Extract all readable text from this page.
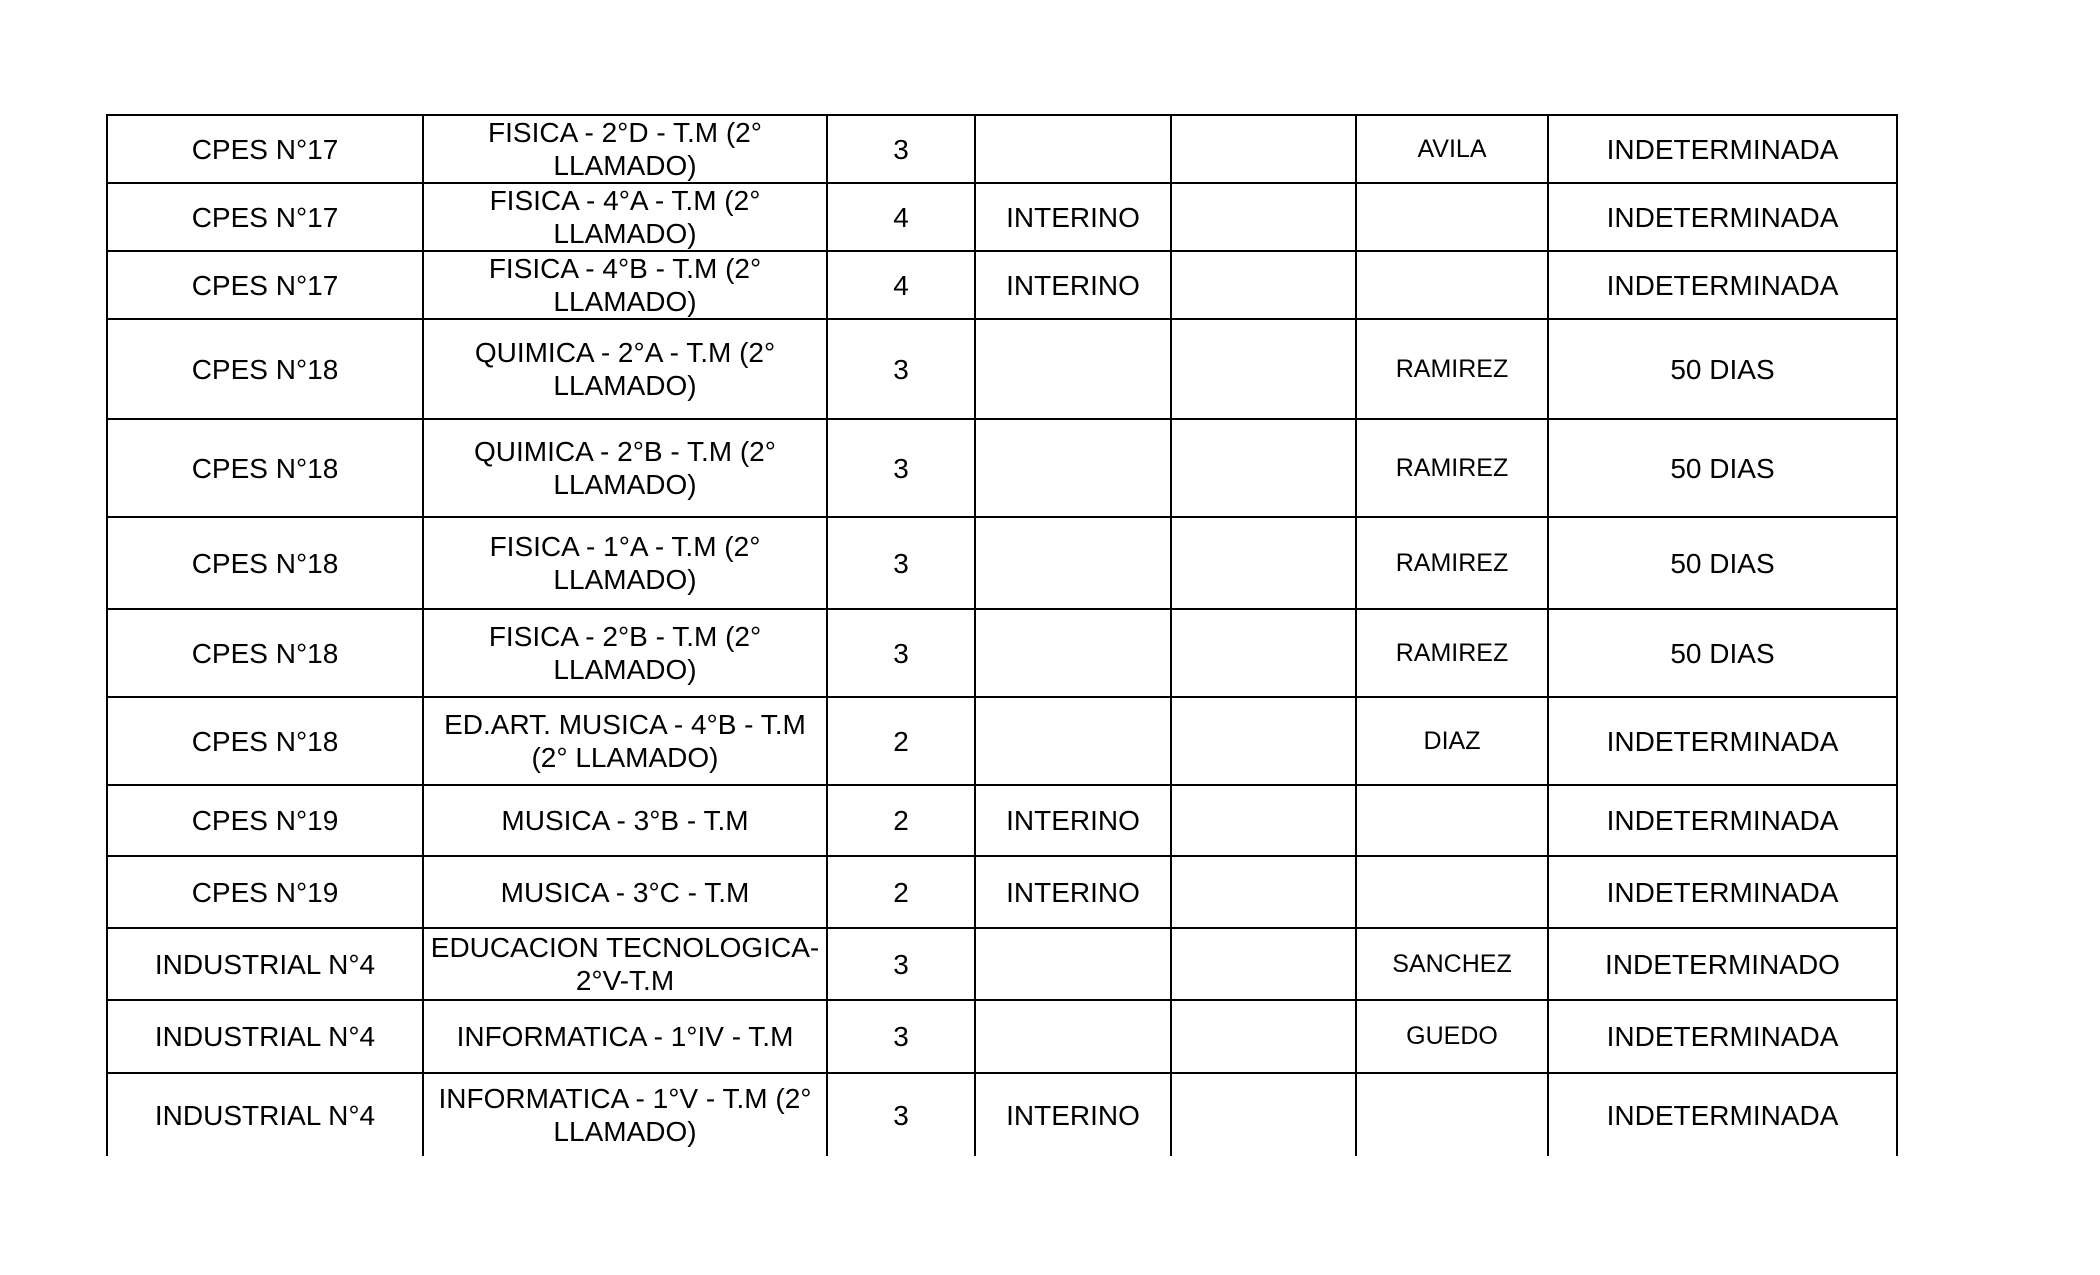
CPES N°17	FISICA - 2°D - T.M (2° LLAMADO)	3			AVILA	INDETERMINADA
CPES N°17	FISICA - 4°A - T.M (2° LLAMADO)	4	INTERINO			INDETERMINADA
CPES N°17	FISICA - 4°B - T.M (2° LLAMADO)	4	INTERINO			INDETERMINADA
CPES N°18	QUIMICA - 2°A - T.M (2° LLAMADO)	3			RAMIREZ	50 DIAS
CPES N°18	QUIMICA - 2°B - T.M (2° LLAMADO)	3			RAMIREZ	50 DIAS
CPES N°18	FISICA - 1°A - T.M (2° LLAMADO)	3			RAMIREZ	50 DIAS
CPES N°18	FISICA - 2°B - T.M (2° LLAMADO)	3			RAMIREZ	50 DIAS
CPES N°18	ED.ART. MUSICA - 4°B - T.M (2° LLAMADO)	2			DIAZ	INDETERMINADA
CPES N°19	MUSICA - 3°B - T.M	2	INTERINO			INDETERMINADA
CPES N°19	MUSICA - 3°C - T.M	2	INTERINO			INDETERMINADA
INDUSTRIAL N°4	EDUCACION TECNOLOGICA- 2°V-T.M	3			SANCHEZ	INDETERMINADO
INDUSTRIAL N°4	INFORMATICA - 1°IV - T.M	3			GUEDO	INDETERMINADA
INDUSTRIAL N°4	INFORMATICA - 1°V - T.M (2° LLAMADO)	3	INTERINO			INDETERMINADA
